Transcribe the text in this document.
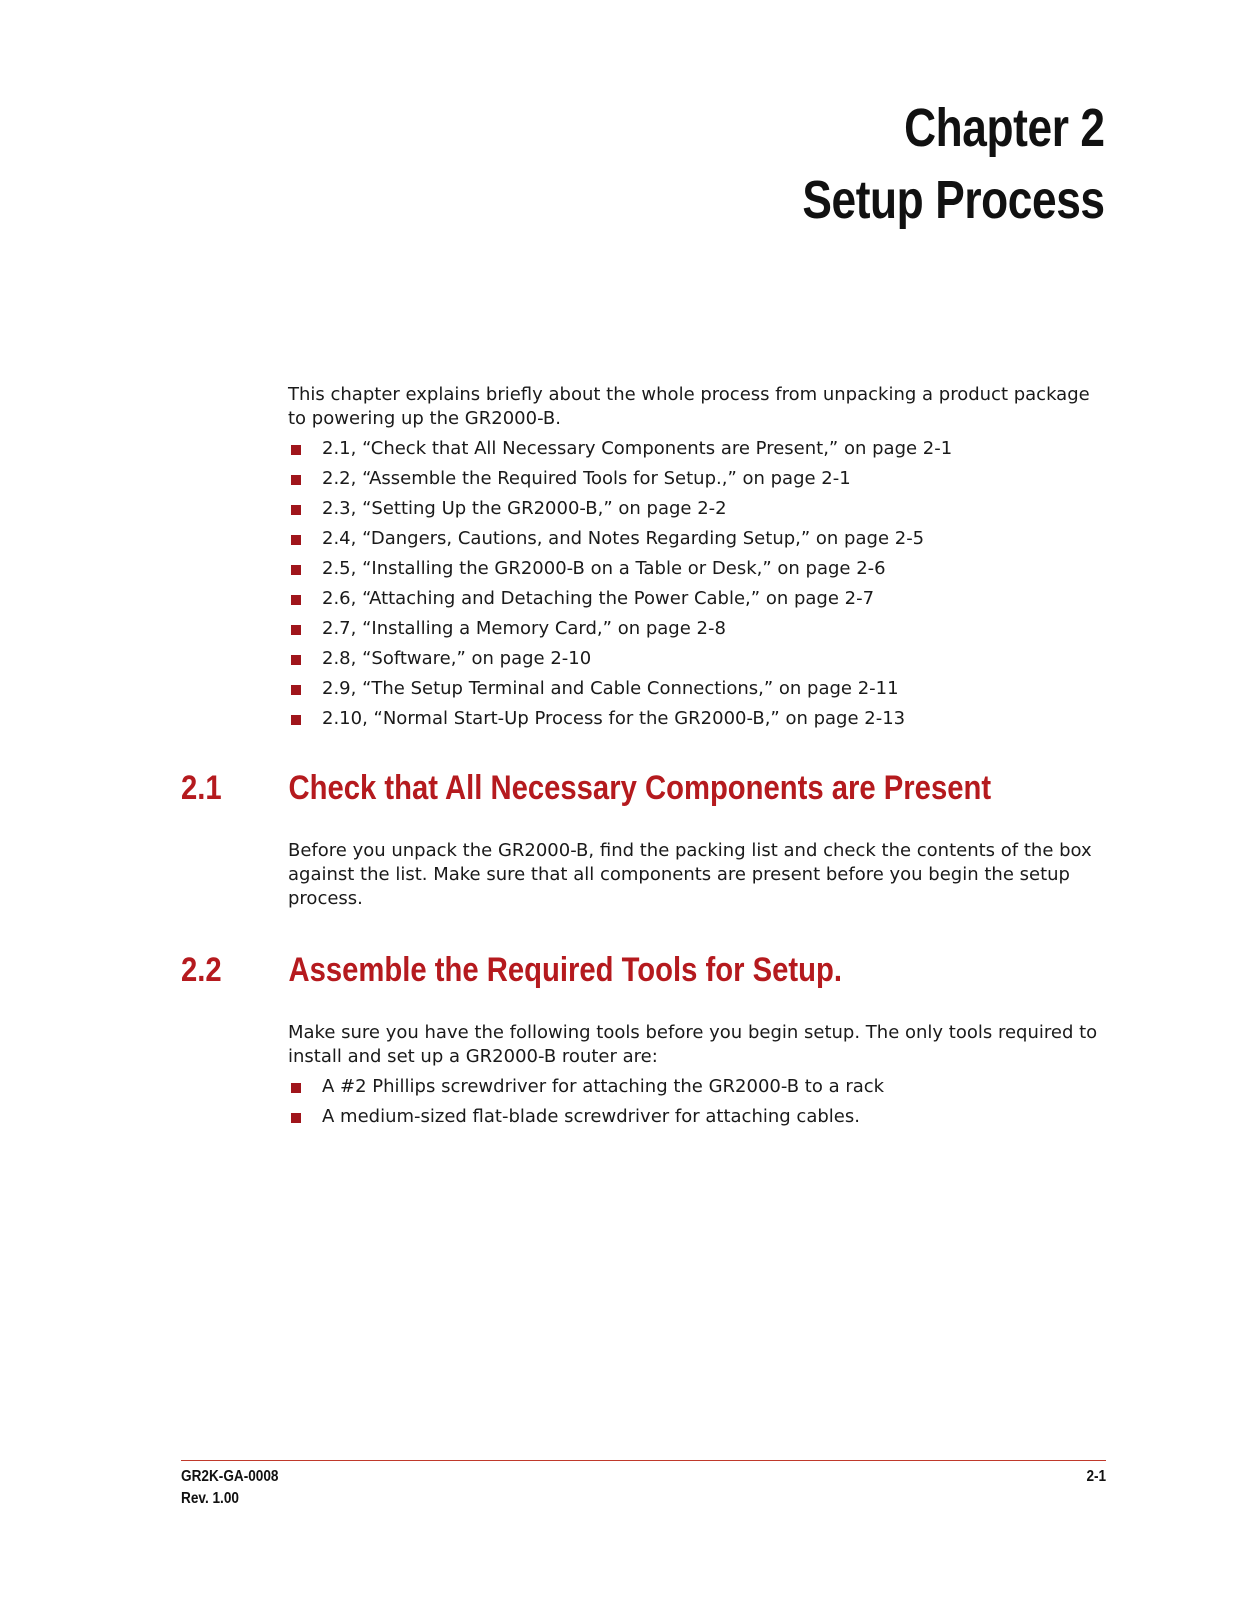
Chapter 2
Setup Process

This chapter explains briefly about the whole process from unpacking a product package to powering up the GR2000-B.

2.1, “Check that All Necessary Components are Present,” on page 2-1
2.2, “Assemble the Required Tools for Setup.,” on page 2-1
2.3, “Setting Up the GR2000-B,” on page 2-2
2.4, “Dangers, Cautions, and Notes Regarding Setup,” on page 2-5
2.5, “Installing the GR2000-B on a Table or Desk,” on page 2-6
2.6, “Attaching and Detaching the Power Cable,” on page 2-7
2.7, “Installing a Memory Card,” on page 2-8
2.8, “Software,” on page 2-10
2.9, “The Setup Terminal and Cable Connections,” on page 2-11
2.10, “Normal Start-Up Process for the GR2000-B,” on page 2-13
2.1 Check that All Necessary Components are Present

Before you unpack the GR2000-B, find the packing list and check the contents of the box against the list. Make sure that all components are present before you begin the setup process.

2.2 Assemble the Required Tools for Setup.

Make sure you have the following tools before you begin setup. The only tools required to install and set up a GR2000-B router are:

A #2 Phillips screwdriver for attaching the GR2000-B to a rack
A medium-sized flat-blade screwdriver for attaching cables.
GR2K-GA-0008
Rev. 1.00
2-1
